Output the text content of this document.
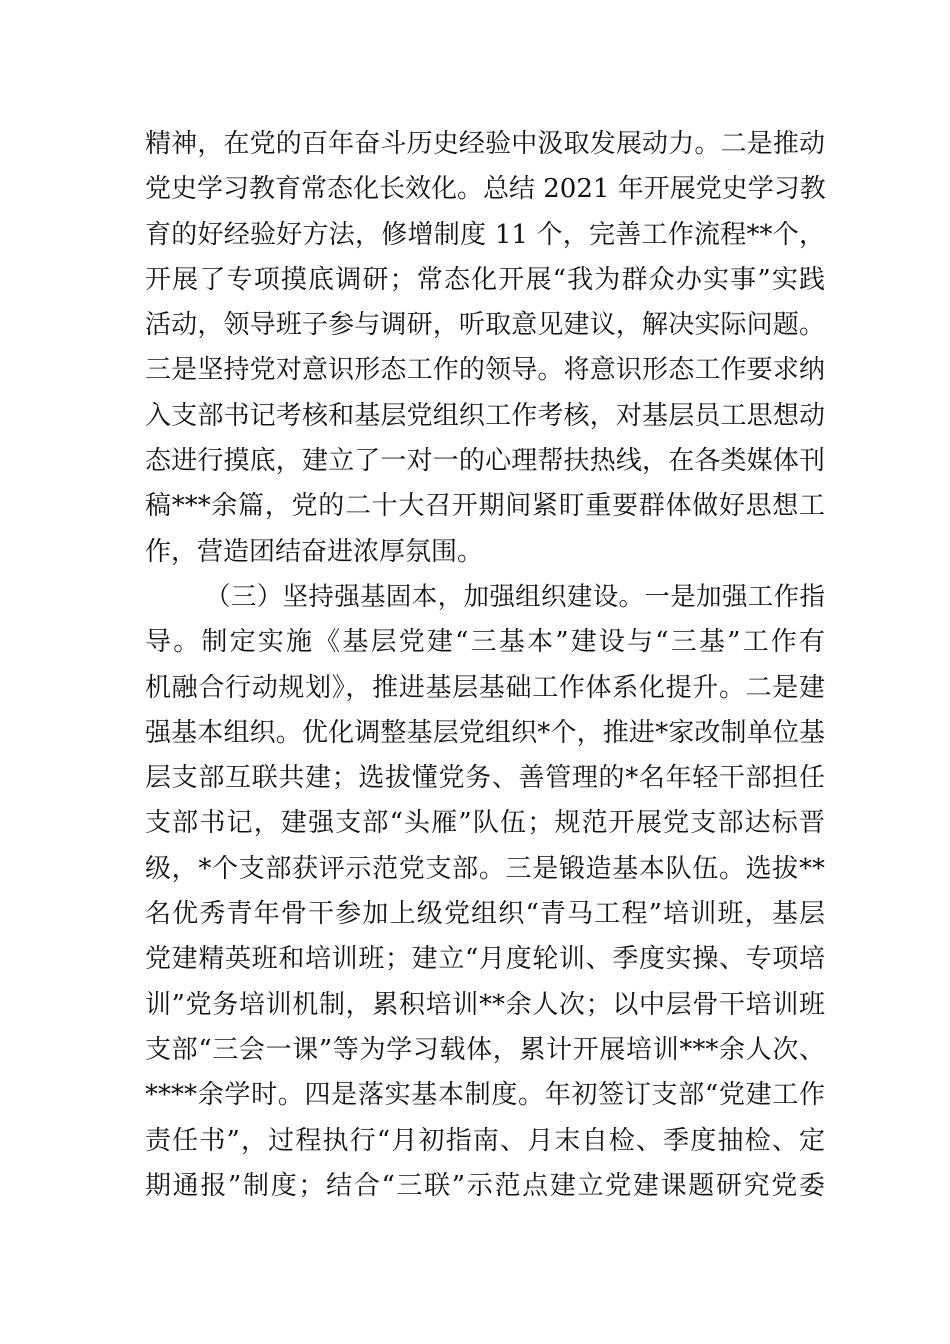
精神，在党的百年奋斗历史经验中汲取发展动力。二是推动
党史学习教育常态化长效化。总结 2021 年开展党史学习教
育的好经验好方法，修增制度 11 个，完善工作流程**个，
开展了专项摸底调研；常态化开展“我为群众办实事”实践
活动，领导班子参与调研，听取意见建议，解决实际问题。
三是坚持党对意识形态工作的领导。将意识形态工作要求纳
入支部书记考核和基层党组织工作考核，对基层员工思想动
态进行摸底，建立了一对一的心理帮扶热线，在各类媒体刊
稿***余篇，党的二十大召开期间紧盯重要群体做好思想工
作，营造团结奋进浓厚氛围。
（三）坚持强基固本，加强组织建设。一是加强工作指
导。制定实施《基层党建“三基本”建设与“三基”工作有
机融合行动规划》，推进基层基础工作体系化提升。二是建
强基本组织。优化调整基层党组织*个，推进*家改制单位基
层支部互联共建；选拔懂党务、善管理的*名年轻干部担任
支部书记，建强支部“头雁”队伍；规范开展党支部达标晋
级，*个支部获评示范党支部。三是锻造基本队伍。选拔**
名优秀青年骨干参加上级党组织“青马工程”培训班，基层
党建精英班和培训班；建立“月度轮训、季度实操、专项培
训”党务培训机制，累积培训**余人次；以中层骨干培训班
支部“三会一课”等为学习载体，累计开展培训***余人次、
****余学时。四是落实基本制度。年初签订支部“党建工作
责任书”，过程执行“月初指南、月末自检、季度抽检、定
期通报”制度；结合“三联”示范点建立党建课题研究党委
